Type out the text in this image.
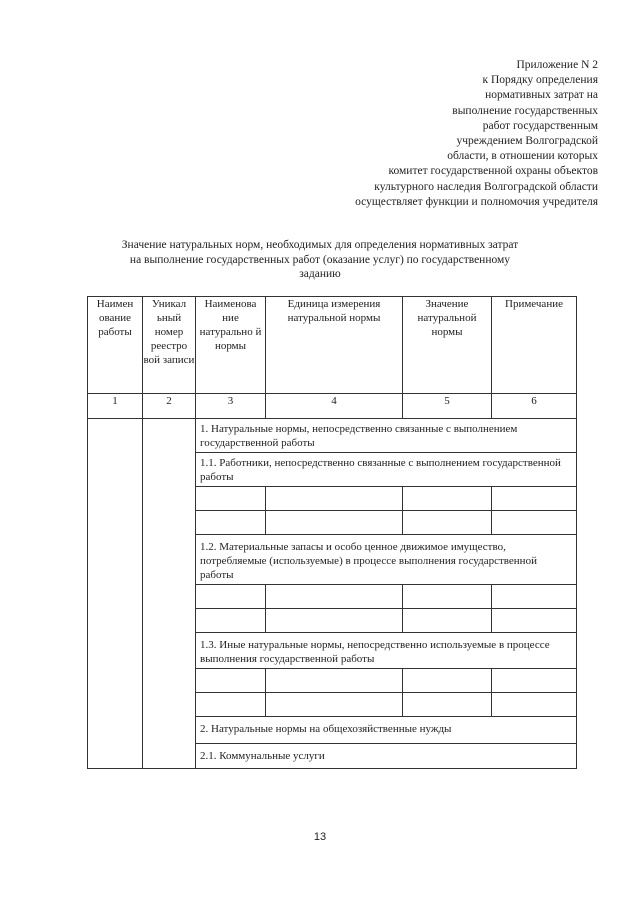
Приложение N 2
к Порядку определения
нормативных затрат на
выполнение государственных
работ государственным
учреждением Волгоградской
области, в отношении которых
комитет государственной охраны объектов
культурного наследия Волгоградской области
осуществляет функции и полномочия учредителя
Значение натуральных норм, необходимых для определения нормативных затрат
на выполнение государственных работ (оказание услуг) по государственному
заданию
Наимен ование работы	Уникал ьный номер реестро вой записи	Наименова ние натурально й нормы	Единица измерения натуральной нормы	Значение натуральной нормы	Примечание
1	2	3	4	5	6
		1. Натуральные нормы, непосредственно связанные с выполнением государственной работы			
		1.1. Работники, непосредственно связанные с выполнением государственной работы			

		1.2. Материальные запасы и особо ценное движимое имущество, потребляемые (используемые) в процессе выполнения государственной работы			

		1.3. Иные натуральные нормы, непосредственно используемые в процессе выполнения государственной работы			

		2. Натуральные нормы на общехозяйственные нужды			
		2.1. Коммунальные услуги			
13
